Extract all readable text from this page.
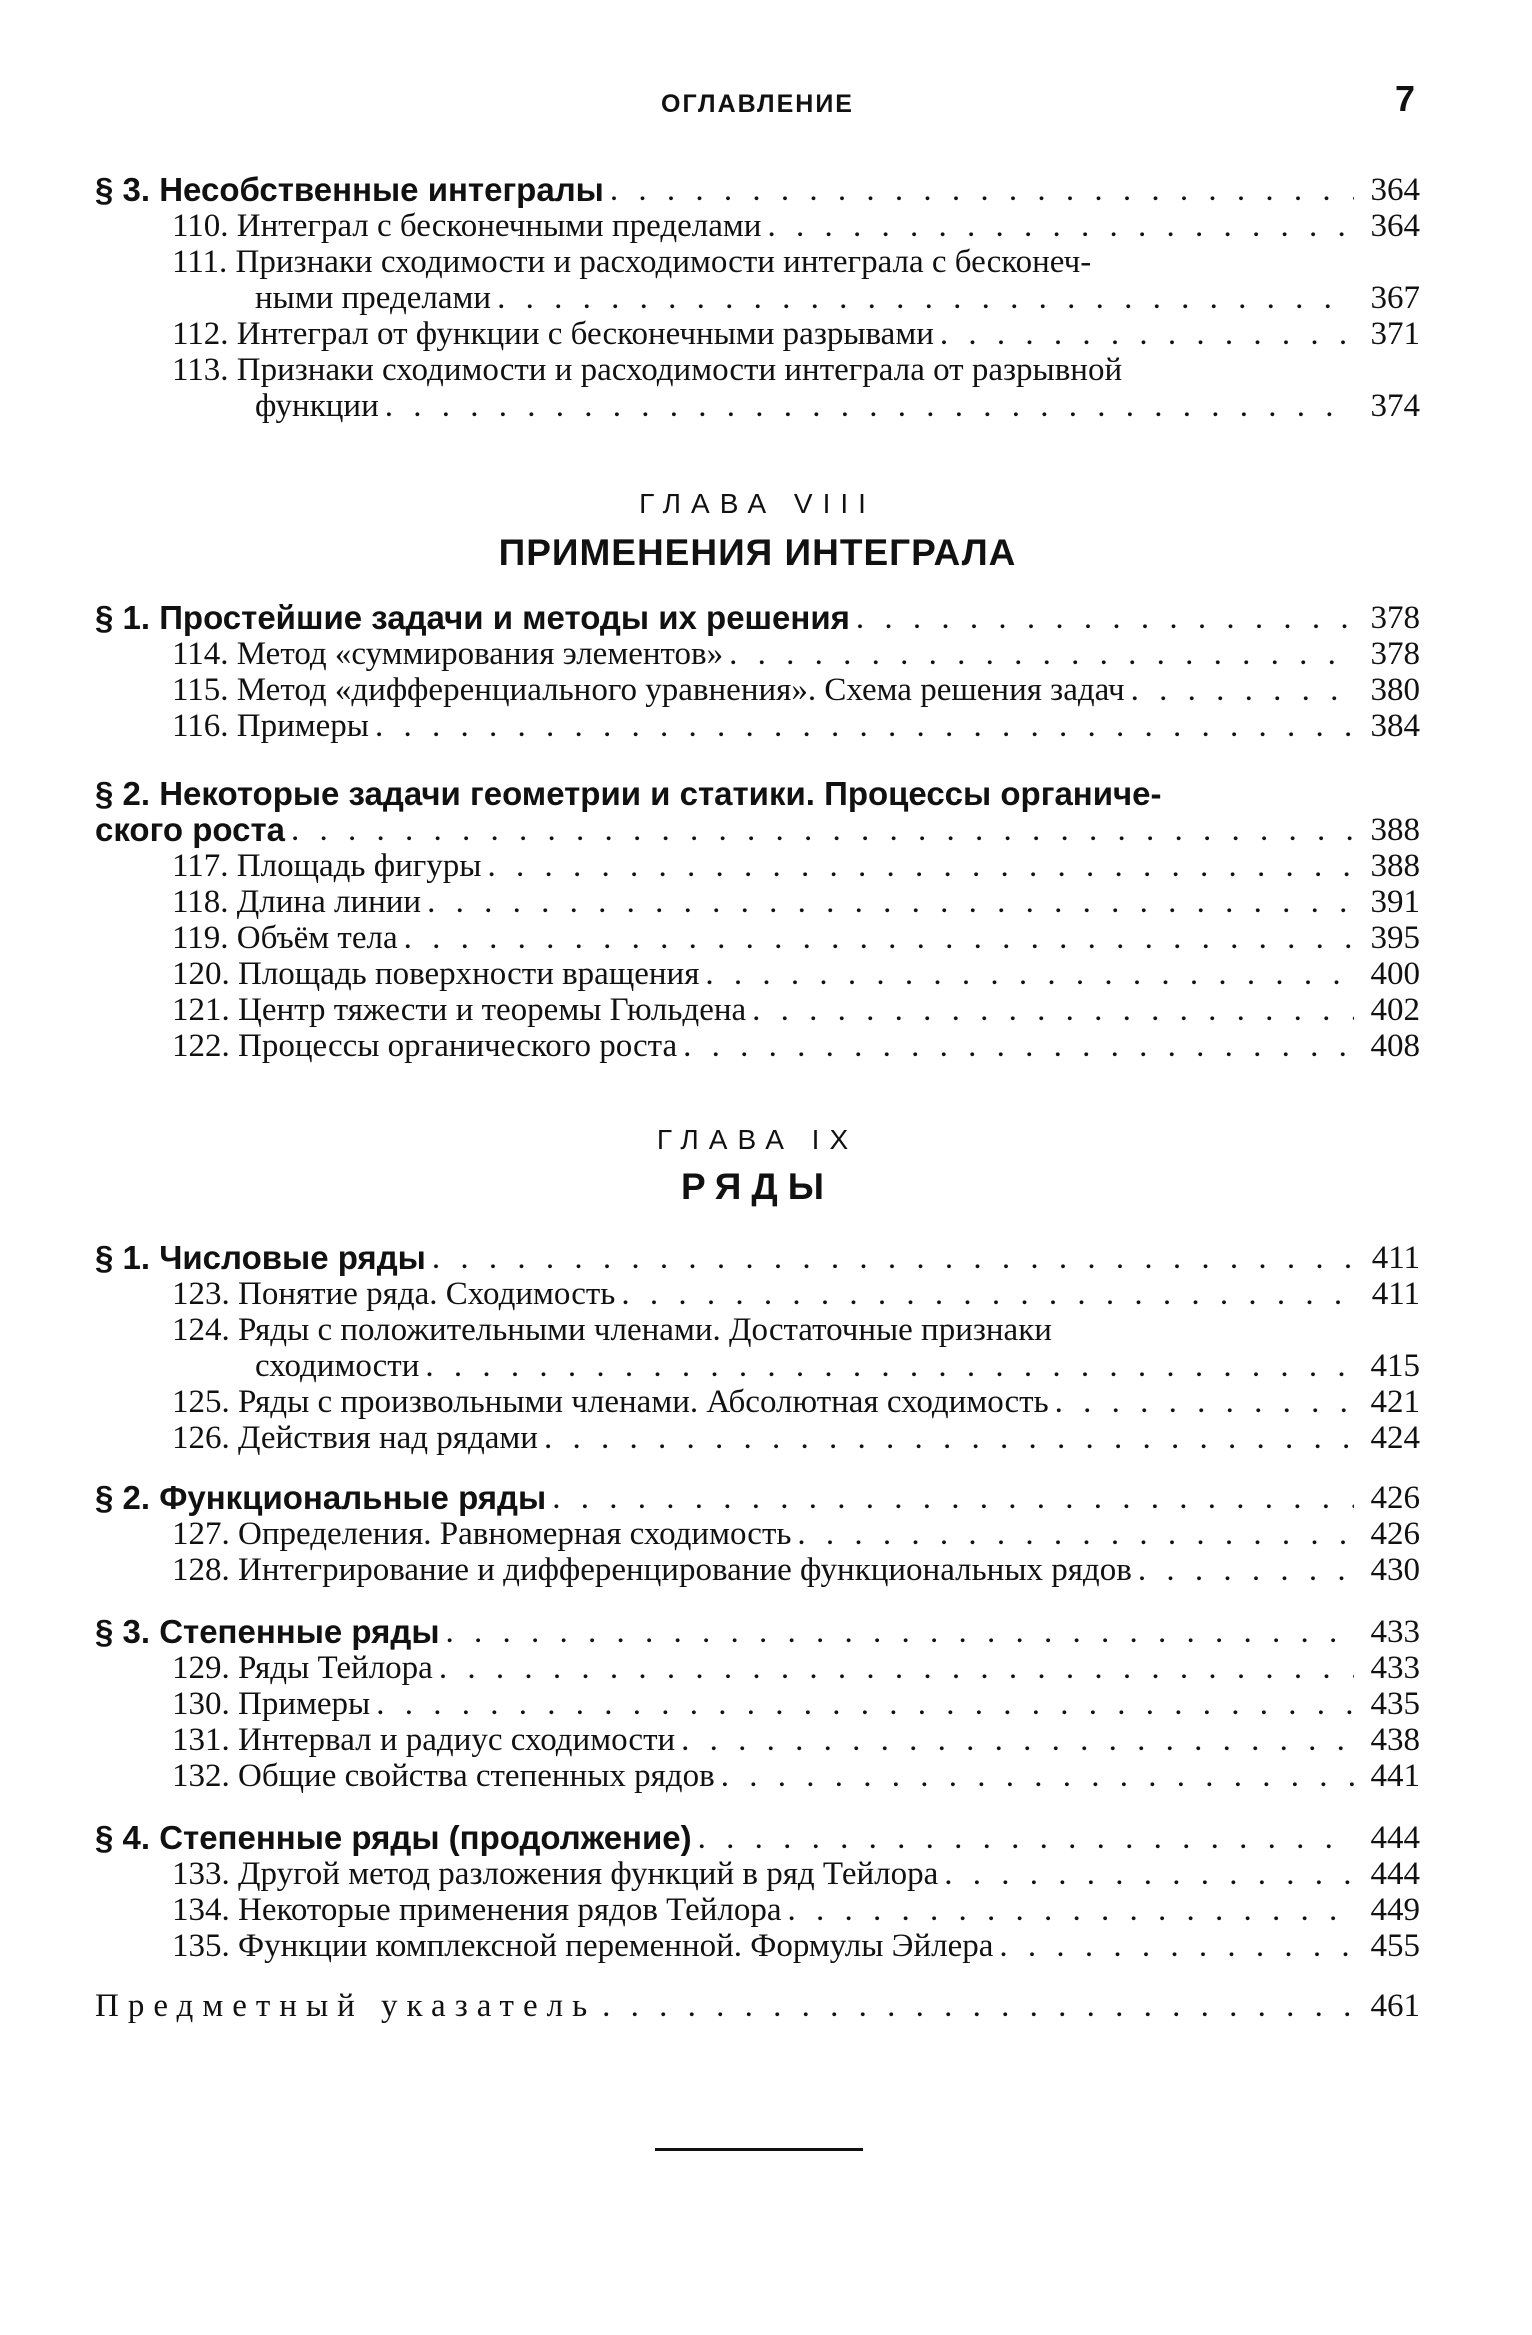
ОГЛАВЛЕНИЕ	7
§ 3. Несобственные интегралы . . .	364
110. Интеграл с бесконечными пределами . . .	364
111. Признаки сходимости и расходимости интеграла с бесконеч-
ными пределами . . .	367
112. Интеграл от функции с бесконечными разрывами . . .	371
113. Признаки сходимости и расходимости интеграла от разрывной
функции . . .	374
ГЛАВА VIII
ПРИМЕНЕНИЯ ИНТЕГРАЛА
§ 1. Простейшие задачи и методы их решения . . .	378
114. Метод «суммирования элементов» . . .	378
115. Метод «дифференциального уравнения». Схема решения задач . . .	380
116. Примеры . . .	384
§ 2. Некоторые задачи геометрии и статики. Процессы органиче-
ского роста . . .	388
117. Площадь фигуры . . .	388
118. Длина линии . . .	391
119. Объём тела . . .	395
120. Площадь поверхности вращения . . .	400
121. Центр тяжести и теоремы Гюльдена . . .	402
122. Процессы органического роста . . .	408
ГЛАВА IX
РЯДЫ
§ 1. Числовые ряды . . .	411
123. Понятие ряда. Сходимость . . .	411
124. Ряды с положительными членами. Достаточные признаки
сходимости . . .	415
125. Ряды с произвольными членами. Абсолютная сходимость . . .	421
126. Действия над рядами . . .	424
§ 2. Функциональные ряды . . .	426
127. Определения. Равномерная сходимость . . .	426
128. Интегрирование и дифференцирование функциональных рядов . . .	430
§ 3. Степенные ряды . . .	433
129. Ряды Тейлора . . .	433
130. Примеры . . .	435
131. Интервал и радиус сходимости . . .	438
132. Общие свойства степенных рядов . . .	441
§ 4. Степенные ряды (продолжение) . . .	444
133. Другой метод разложения функций в ряд Тейлора . . .	444
134. Некоторые применения рядов Тейлора . . .	449
135. Функции комплексной переменной. Формулы Эйлера . . .	455
Предметный указатель . . .	461
